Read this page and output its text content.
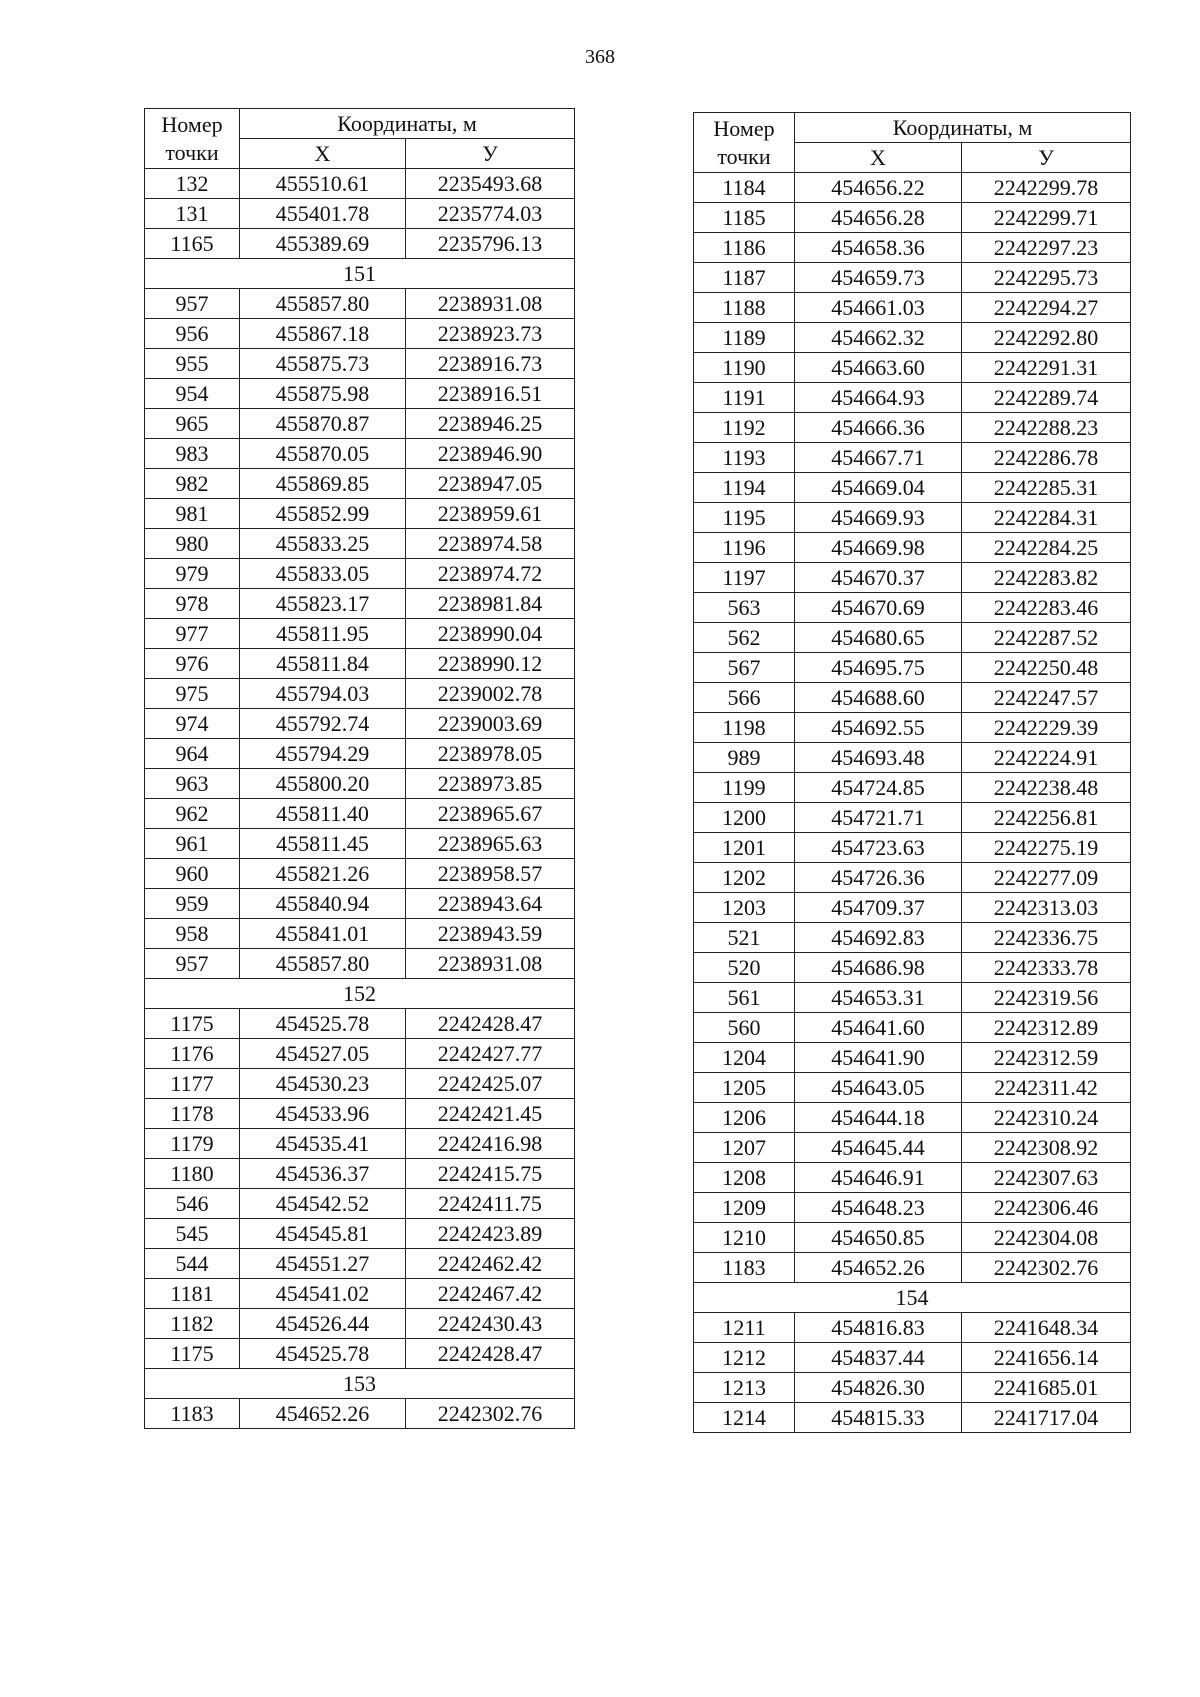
368
Номер
точки	Координаты, м	
	X	У
132	455510.61	2235493.68
131	455401.78	2235774.03
1165	455389.69	2235796.13
151		
957	455857.80	2238931.08
956	455867.18	2238923.73
955	455875.73	2238916.73
954	455875.98	2238916.51
965	455870.87	2238946.25
983	455870.05	2238946.90
982	455869.85	2238947.05
981	455852.99	2238959.61
980	455833.25	2238974.58
979	455833.05	2238974.72
978	455823.17	2238981.84
977	455811.95	2238990.04
976	455811.84	2238990.12
975	455794.03	2239002.78
974	455792.74	2239003.69
964	455794.29	2238978.05
963	455800.20	2238973.85
962	455811.40	2238965.67
961	455811.45	2238965.63
960	455821.26	2238958.57
959	455840.94	2238943.64
958	455841.01	2238943.59
957	455857.80	2238931.08
152		
1175	454525.78	2242428.47
1176	454527.05	2242427.77
1177	454530.23	2242425.07
1178	454533.96	2242421.45
1179	454535.41	2242416.98
1180	454536.37	2242415.75
546	454542.52	2242411.75
545	454545.81	2242423.89
544	454551.27	2242462.42
1181	454541.02	2242467.42
1182	454526.44	2242430.43
1175	454525.78	2242428.47
153		
1183	454652.26	2242302.76
Номер
точки	Координаты, м	
	X	У
1184	454656.22	2242299.78
1185	454656.28	2242299.71
1186	454658.36	2242297.23
1187	454659.73	2242295.73
1188	454661.03	2242294.27
1189	454662.32	2242292.80
1190	454663.60	2242291.31
1191	454664.93	2242289.74
1192	454666.36	2242288.23
1193	454667.71	2242286.78
1194	454669.04	2242285.31
1195	454669.93	2242284.31
1196	454669.98	2242284.25
1197	454670.37	2242283.82
563	454670.69	2242283.46
562	454680.65	2242287.52
567	454695.75	2242250.48
566	454688.60	2242247.57
1198	454692.55	2242229.39
989	454693.48	2242224.91
1199	454724.85	2242238.48
1200	454721.71	2242256.81
1201	454723.63	2242275.19
1202	454726.36	2242277.09
1203	454709.37	2242313.03
521	454692.83	2242336.75
520	454686.98	2242333.78
561	454653.31	2242319.56
560	454641.60	2242312.89
1204	454641.90	2242312.59
1205	454643.05	2242311.42
1206	454644.18	2242310.24
1207	454645.44	2242308.92
1208	454646.91	2242307.63
1209	454648.23	2242306.46
1210	454650.85	2242304.08
1183	454652.26	2242302.76
154		
1211	454816.83	2241648.34
1212	454837.44	2241656.14
1213	454826.30	2241685.01
1214	454815.33	2241717.04
